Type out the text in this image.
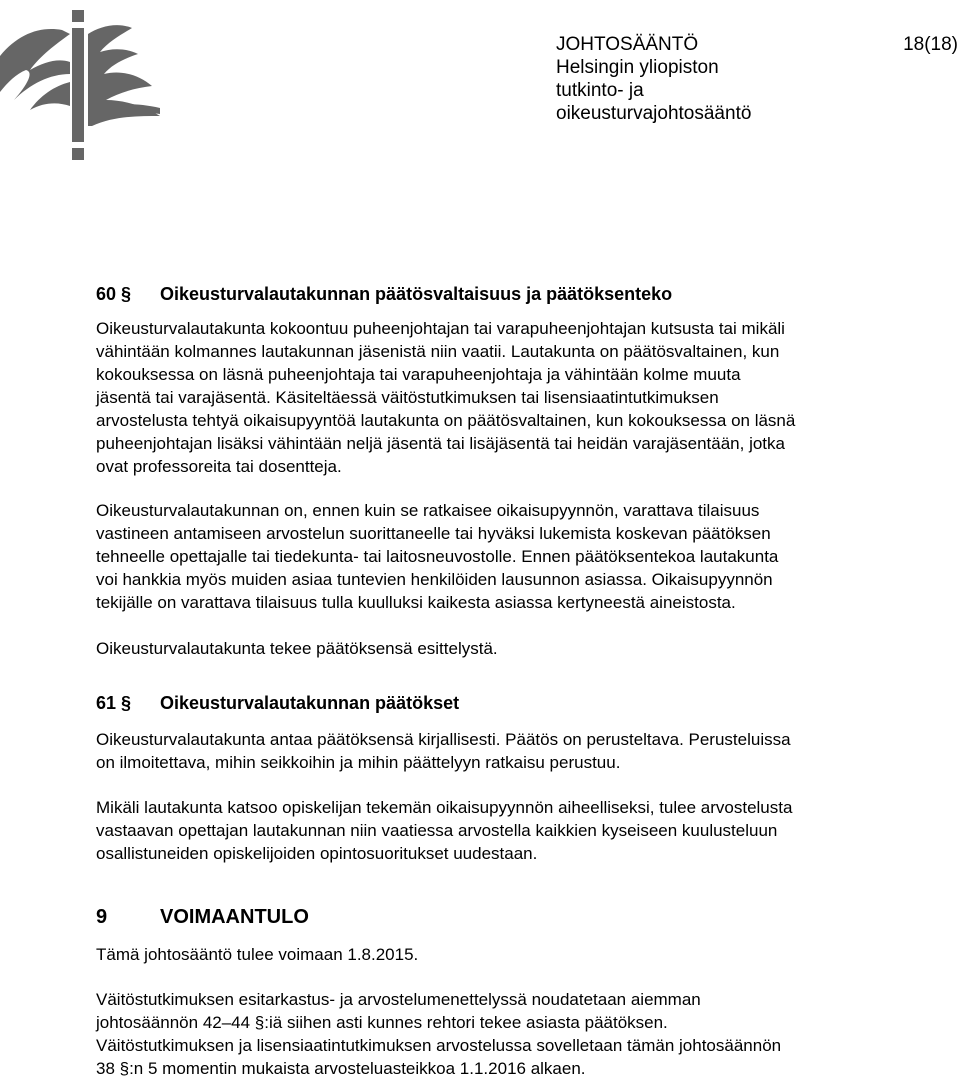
JOHTOSÄÄNTÖ	18(18)
Helsingin yliopiston
tutkinto- ja
oikeusturvajohtosääntö
60 § Oikeusturvalautakunnan päätösvaltaisuus ja päätöksenteko
Oikeusturvalautakunta kokoontuu puheenjohtajan tai varapuheenjohtajan kutsusta tai mikäli
vähintään kolmannes lautakunnan jäsenistä niin vaatii. Lautakunta on päätösvaltainen, kun
kokouksessa on läsnä puheenjohtaja tai varapuheenjohtaja ja vähintään kolme muuta
jäsentä tai varajäsentä. Käsiteltäessä väitöstutkimuksen tai lisensiaatintutkimuksen
arvostelusta tehtyä oikaisupyyntöä lautakunta on päätösvaltainen, kun kokouksessa on läsnä
puheenjohtajan lisäksi vähintään neljä jäsentä tai lisäjäsentä tai heidän varajäsentään, jotka
ovat professoreita tai dosentteja.
Oikeusturvalautakunnan on, ennen kuin se ratkaisee oikaisupyynnön, varattava tilaisuus
vastineen antamiseen arvostelun suorittaneelle tai hyväksi lukemista koskevan päätöksen
tehneelle opettajalle tai tiedekunta- tai laitosneuvostolle. Ennen päätöksentekoa lautakunta
voi hankkia myös muiden asiaa tuntevien henkilöiden lausunnon asiassa. Oikaisupyynnön
tekijälle on varattava tilaisuus tulla kuulluksi kaikesta asiassa kertyneestä aineistosta.
Oikeusturvalautakunta tekee päätöksensä esittelystä.
61 § Oikeusturvalautakunnan päätökset
Oikeusturvalautakunta antaa päätöksensä kirjallisesti. Päätös on perusteltava. Perusteluissa
on ilmoitettava, mihin seikkoihin ja mihin päättelyyn ratkaisu perustuu.
Mikäli lautakunta katsoo opiskelijan tekemän oikaisupyynnön aiheelliseksi, tulee arvostelusta
vastaavan opettajan lautakunnan niin vaatiessa arvostella kaikkien kyseiseen kuulusteluun
osallistuneiden opiskelijoiden opintosuoritukset uudestaan.
9	VOIMAANTULO
Tämä johtosääntö tulee voimaan 1.8.2015.
Väitöstutkimuksen esitarkastus- ja arvostelumenettelyssä noudatetaan aiemman
johtosäännön 42–44 §:iä siihen asti kunnes rehtori tekee asiasta päätöksen.
Väitöstutkimuksen ja lisensiaatintutkimuksen arvostelussa sovelletaan tämän johtosäännön
38 §:n 5 momentin mukaista arvosteluasteikkoa 1.1.2016 alkaen.
